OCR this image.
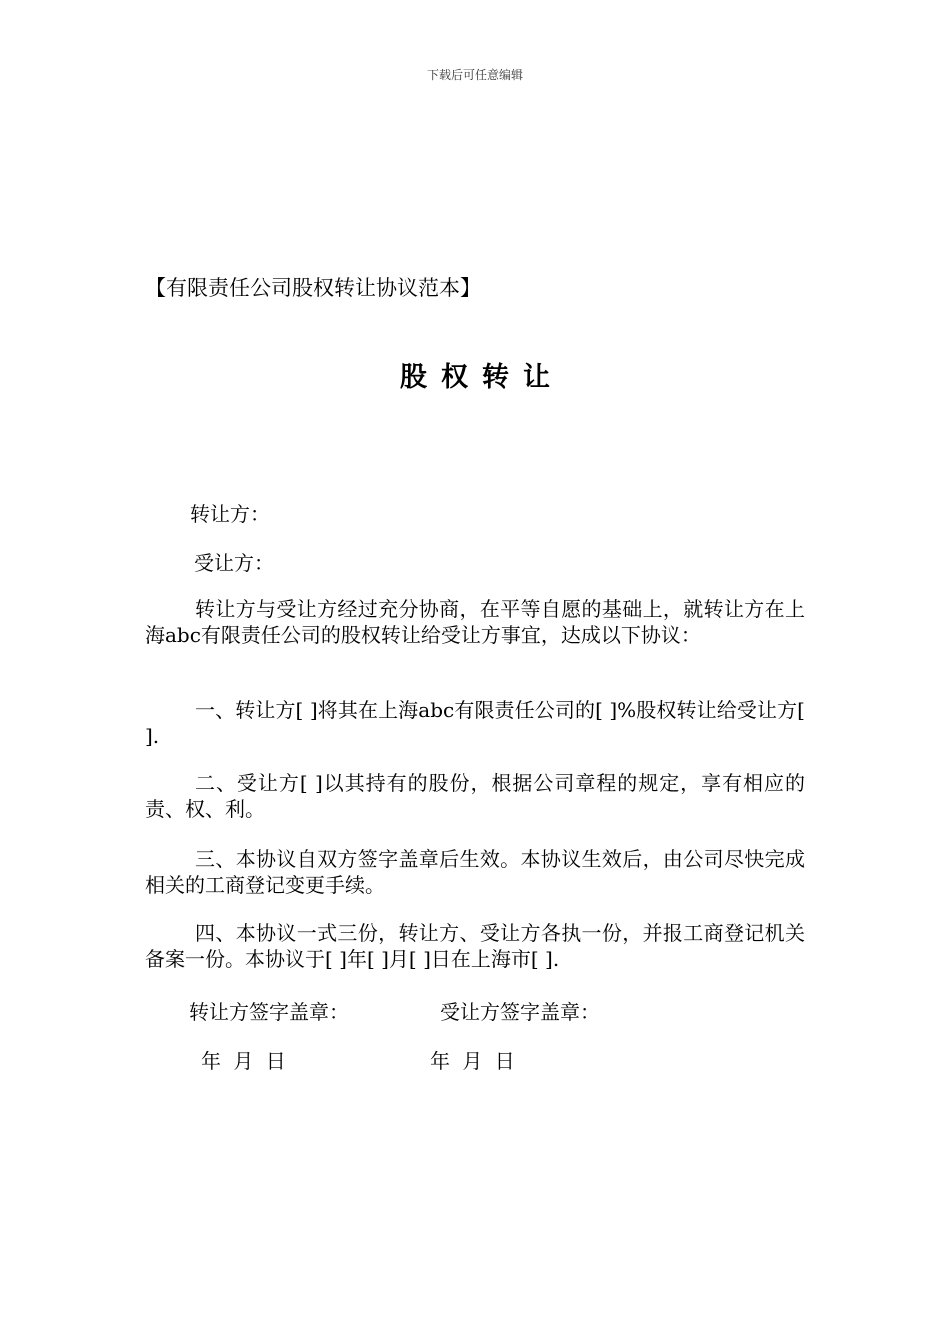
下载后可任意编辑
【有限责任公司股权转让协议范本】
股权转让
转让方：
受让方：
转让方与受让方经过充分协商，在平等自愿的基础上，就转让方在上海abc有限责任公司的股权转让给受让方事宜，达成以下协议：
一、转让方[ ]将其在上海abc有限责任公司的[ ]%股权转让给受让方[ ].
二、受让方[ ]以其持有的股份，根据公司章程的规定，享有相应的责、权、利。
三、本协议自双方签字盖章后生效。本协议生效后，由公司尽快完成相关的工商登记变更手续。
四、本协议一式三份，转让方、受让方各执一份，并报工商登记机关备案一份。本协议于[ ]年[ ]月[ ]日在上海市[ ].
转让方签字盖章：	受让方签字盖章：
年 月 日	年 月 日
